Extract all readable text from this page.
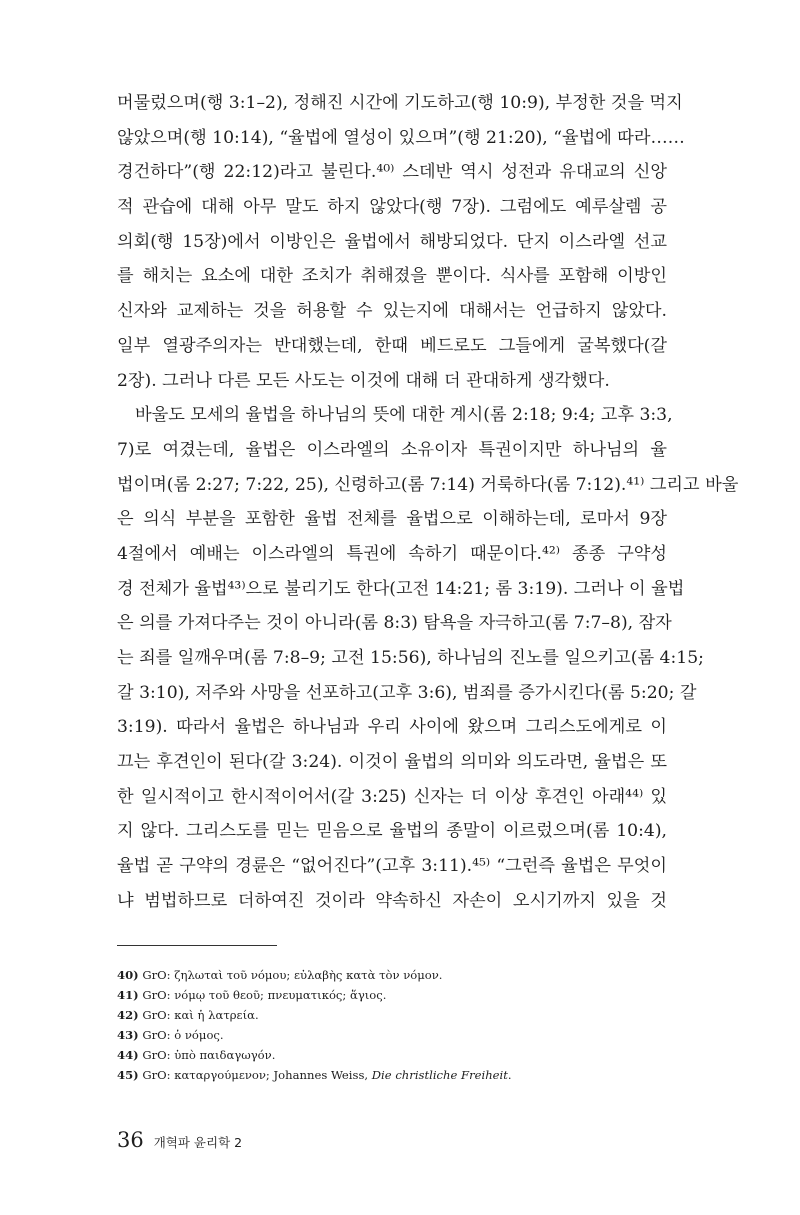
머물렀으며(행 3:1–2), 정해진 시간에 기도하고(행 10:9), 부정한 것을 먹지
않았으며(행 10:14), “율법에 열성이 있으며”(행 21:20), “율법에 따라……
경건하다”(행 22:12)라고 불린다.⁴⁰⁾ 스데반 역시 성전과 유대교의 신앙
적 관습에 대해 아무 말도 하지 않았다(행 7장). 그럼에도 예루살렘 공
의회(행 15장)에서 이방인은 율법에서 해방되었다. 단지 이스라엘 선교
를 해치는 요소에 대한 조치가 취해졌을 뿐이다. 식사를 포함해 이방인
신자와 교제하는 것을 허용할 수 있는지에 대해서는 언급하지 않았다.
일부 열광주의자는 반대했는데, 한때 베드로도 그들에게 굴복했다(갈
2장). 그러나 다른 모든 사도는 이것에 대해 더 관대하게 생각했다.
바울도 모세의 율법을 하나님의 뜻에 대한 계시(롬 2:18; 9:4; 고후 3:3,
7)로 여겼는데, 율법은 이스라엘의 소유이자 특권이지만 하나님의 율
법이며(롬 2:27; 7:22, 25), 신령하고(롬 7:14) 거룩하다(롬 7:12).⁴¹⁾ 그리고 바울
은 의식 부분을 포함한 율법 전체를 율법으로 이해하는데, 로마서 9장
4절에서 예배는 이스라엘의 특권에 속하기 때문이다.⁴²⁾ 종종 구약성
경 전체가 율법⁴³⁾으로 불리기도 한다(고전 14:21; 롬 3:19). 그러나 이 율법
은 의를 가져다주는 것이 아니라(롬 8:3) 탐욕을 자극하고(롬 7:7–8), 잠자
는 죄를 일깨우며(롬 7:8–9; 고전 15:56), 하나님의 진노를 일으키고(롬 4:15;
갈 3:10), 저주와 사망을 선포하고(고후 3:6), 범죄를 증가시킨다(롬 5:20; 갈
3:19). 따라서 율법은 하나님과 우리 사이에 왔으며 그리스도에게로 이
끄는 후견인이 된다(갈 3:24). 이것이 율법의 의미와 의도라면, 율법은 또
한 일시적이고 한시적이어서(갈 3:25) 신자는 더 이상 후견인 아래⁴⁴⁾ 있
지 않다. 그리스도를 믿는 믿음으로 율법의 종말이 이르렀으며(롬 10:4),
율법 곧 구약의 경륜은 “없어진다”(고후 3:11).⁴⁵⁾ “그런즉 율법은 무엇이
냐 범법하므로 더하여진 것이라 약속하신 자손이 오시기까지 있을 것
40) GrO: ζηλωταὶ τοῦ νόμου; εὐλαβὴς κατὰ τὸν νόμον.
41) GrO: νόμῳ τοῦ θεοῦ; πνευματικός; ἅγιος.
42) GrO: καὶ ἡ λατρεία.
43) GrO: ὁ νόμος.
44) GrO: ὑπὸ παιδαγωγόν.
45) GrO: καταργούμενον; Johannes Weiss, Die christliche Freiheit.
36 개혁파 윤리학 2
